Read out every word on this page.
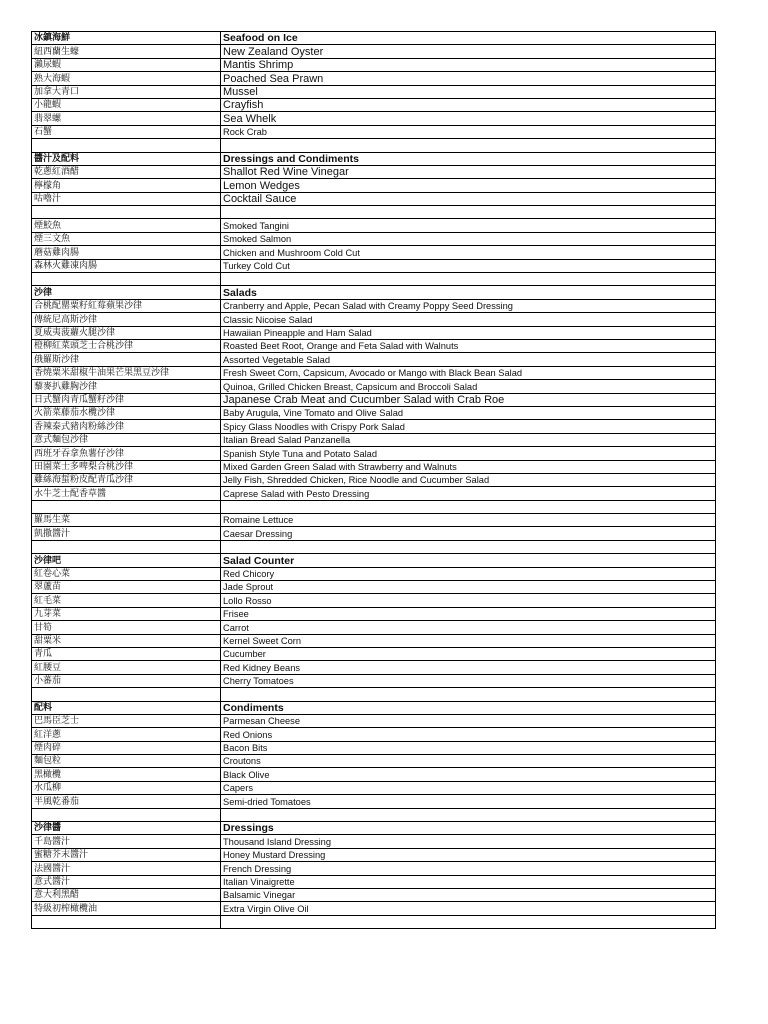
冰鎮海鮮	Seafood on Ice
紐西蘭生蠔	New Zealand Oyster
瀨尿蝦	Mantis Shrimp
熟大海蝦	Poached Sea Prawn
加拿大青口	Mussel
小龍蝦	Crayfish
翡翠螺	Sea Whelk
石蟹	Rock Crab

醬汁及配料	Dressings and Condiments
乾蔥紅酒醋	Shallot Red Wine Vinegar
檸檬角	Lemon Wedges
咕嚕汁	Cocktail Sauce

煙鮫魚	Smoked Tangini
煙三文魚	Smoked Salmon
蘑菇雞肉腸	Chicken and Mushroom Cold Cut
森林火雞凍肉腸	Turkey Cold Cut

沙律	Salads
合桃配罌粟籽紅莓蘋果沙律	Cranberry and Apple, Pecan Salad with Creamy Poppy Seed Dressing
傳統尼高斯沙律	Classic Nicoise Salad
夏威夷菠蘿火腿沙律	Hawaiian Pineapple and Ham Salad
橙柳紅菜頭芝士合桃沙律	Roasted Beet Root, Orange and Feta Salad with Walnuts
俄羅斯沙律	Assorted Vegetable Salad
香燒粟米甜椒牛油果芒果黑豆沙律	Fresh Sweet Corn, Capsicum, Avocado or Mango with Black Bean Salad
藜麥扒雞胸沙律	Quinoa, Grilled Chicken Breast, Capsicum and Broccoli Salad
日式蟹肉青瓜蟹籽沙律	Japanese Crab Meat and Cucumber Salad with Crab Roe
火箭菜藤茄水欖沙律	Baby Arugula, Vine Tomato and Olive Salad
香辣泰式豬肉粉絲沙律	Spicy Glass Noodles with Crispy Pork Salad
意式麵包沙律	Italian Bread Salad Panzanella
西班牙吞拿魚薯仔沙律	Spanish Style Tuna and Potato Salad
田園菜士多啤梨合桃沙律	Mixed Garden Green Salad with Strawberry and Walnuts
雞絲海蜇粉皮配青瓜沙律	Jelly Fish, Shredded Chicken, Rice Noodle and Cucumber Salad
水牛芝士配香草醬	Caprese Salad with Pesto Dressing

羅馬生菜	Romaine Lettuce
凱撒醬汁	Caesar Dressing

沙律吧	Salad Counter
紅卷心菜	Red Chicory
翠蘆苗	Jade Sprout
紅毛菜	Lollo Rosso
九芽菜	Frisee
甘筍	Carrot
甜粟米	Kernel Sweet Corn
青瓜	Cucumber
紅腰豆	Red Kidney Beans
小蕃茄	Cherry Tomatoes

配料	Condiments
巴馬臣芝士	Parmesan Cheese
紅洋蔥	Red Onions
煙肉碎	Bacon Bits
麵包粒	Croutons
黑橄欖	Black Olive
水瓜柳	Capers
半風乾番茄	Semi-dried Tomatoes

沙律醬	Dressings
千島醬汁	Thousand Island Dressing
蜜糖芥末醬汁	Honey Mustard Dressing
法國醬汁	French Dressing
意式醬汁	Italian Vinaigrette
意大利黑醋	Balsamic Vinegar
特級初榨橄欖油	Extra Virgin Olive Oil
